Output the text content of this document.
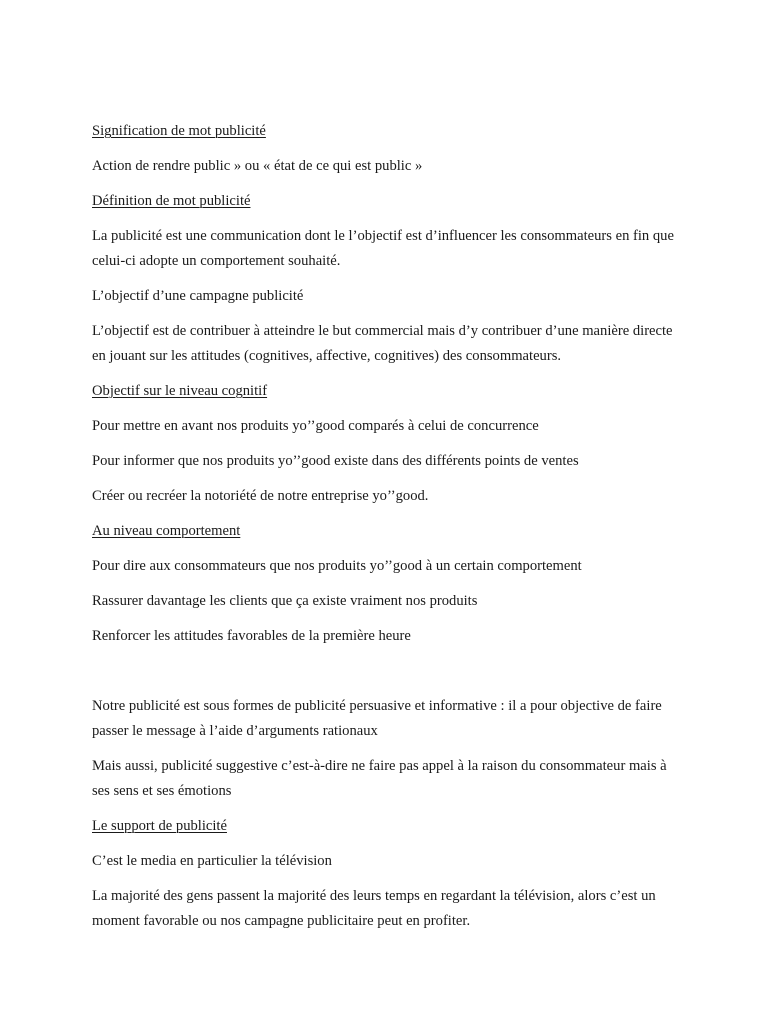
Signification de mot publicité

Action de rendre public » ou « état de ce qui est public »

Définition de mot publicité

La publicité est une communication dont le l’objectif est d’influencer les consommateurs en fin que celui-ci adopte un comportement souhaité.

L’objectif d’une campagne publicité

L’objectif est de contribuer à atteindre le but commercial mais d’y contribuer d’une manière directe en jouant sur les attitudes (cognitives, affective, cognitives) des consommateurs.

Objectif sur le niveau cognitif

Pour mettre en avant nos produits yo’’good comparés à celui de concurrence

Pour informer que nos produits yo’’good existe dans des différents points de ventes

Créer ou recréer la notoriété de notre entreprise yo’’good.

Au niveau comportement

Pour dire aux consommateurs que nos produits yo’’good à un certain comportement

Rassurer davantage les clients que ça existe vraiment nos produits

Renforcer les attitudes favorables de la première heure

Notre publicité est sous formes de publicité persuasive et informative : il a pour objective de faire passer le message à l’aide d’arguments rationaux

Mais aussi, publicité suggestive c’est-à-dire ne faire pas appel à la raison du consommateur mais à ses sens et ses émotions

Le support de publicité

C’est le media en particulier la télévision

La majorité des gens passent la majorité des leurs temps en regardant la télévision, alors c’est un moment favorable ou nos campagne publicitaire peut en profiter.
